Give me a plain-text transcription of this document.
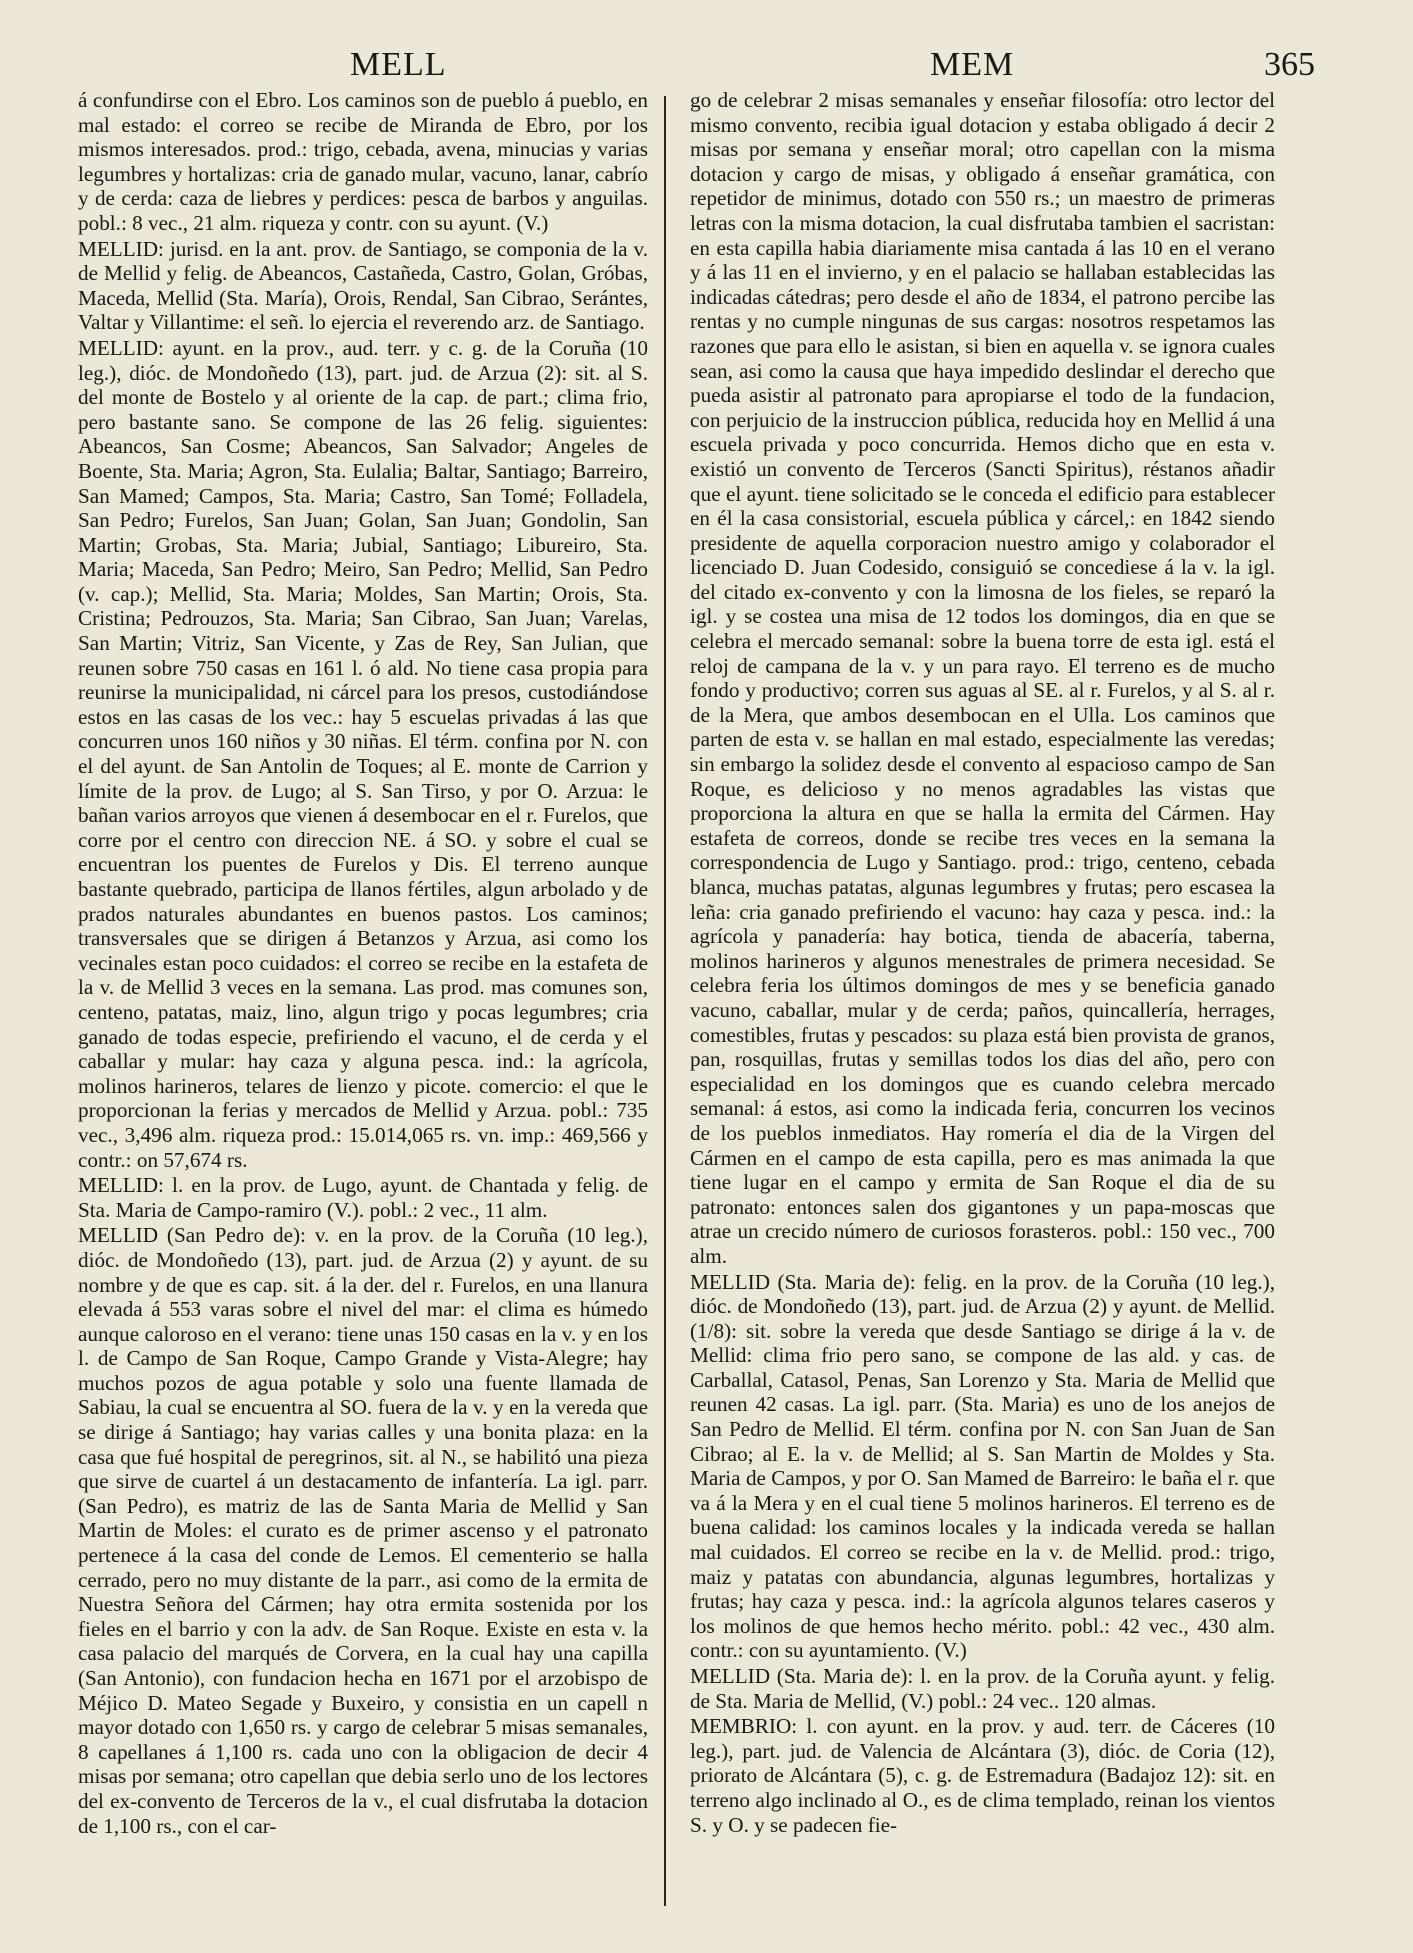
MELL	MEM	365

á confundirse con el Ebro. Los caminos son de pueblo á pueblo, en mal estado: el correo se recibe de Miranda de Ebro, por los mismos interesados. prod.: trigo, cebada, avena, minucias y varias legumbres y hortalizas: cria de ganado mular, vacuno, lanar, cabrío y de cerda: caza de liebres y perdices: pesca de barbos y anguilas. pobl.: 8 vec., 21 alm. riqueza y contr. con su ayunt. (V.)

MELLID: jurisd. en la ant. prov. de Santiago, se componia de la v. de Mellid y felig. de Abeancos, Castañeda, Castro, Golan, Gróbas, Maceda, Mellid (Sta. María), Orois, Rendal, San Cibrao, Serántes, Valtar y Villantime: el señ. lo ejercia el reverendo arz. de Santiago.

MELLID: ayunt. en la prov., aud. terr. y c. g. de la Coruña (10 leg.), dióc. de Mondoñedo (13), part. jud. de Arzua (2): sit. al S. del monte de Bostelo y al oriente de la cap. de part.; clima frio, pero bastante sano. Se compone de las 26 felig. siguientes: Abeancos, San Cosme; Abeancos, San Salvador; Angeles de Boente, Sta. Maria; Agron, Sta. Eulalia; Baltar, Santiago; Barreiro, San Mamed; Campos, Sta. Maria; Castro, San Tomé; Folladela, San Pedro; Furelos, San Juan; Golan, San Juan; Gondolin, San Martin; Grobas, Sta. Maria; Jubial, Santiago; Libureiro, Sta. Maria; Maceda, San Pedro; Meiro, San Pedro; Mellid, San Pedro (v. cap.); Mellid, Sta. Maria; Moldes, San Martin; Orois, Sta. Cristina; Pedrouzos, Sta. Maria; San Cibrao, San Juan; Varelas, San Martin; Vitriz, San Vicente, y Zas de Rey, San Julian, que reunen sobre 750 casas en 161 l. ó ald. No tiene casa propia para reunirse la municipalidad, ni cárcel para los presos, custodiándose estos en las casas de los vec.: hay 5 escuelas privadas á las que concurren unos 160 niños y 30 niñas. El térm. confina por N. con el del ayunt. de San Antolin de Toques; al E. monte de Carrion y límite de la prov. de Lugo; al S. San Tirso, y por O. Arzua: le bañan varios arroyos que vienen á desembocar en el r. Furelos, que corre por el centro con direccion NE. á SO. y sobre el cual se encuentran los puentes de Furelos y Dis. El terreno aunque bastante quebrado, participa de llanos fértiles, algun arbolado y de prados naturales abundantes en buenos pastos. Los caminos; transversales que se dirigen á Betanzos y Arzua, asi como los vecinales estan poco cuidados: el correo se recibe en la estafeta de la v. de Mellid 3 veces en la semana. Las prod. mas comunes son, centeno, patatas, maiz, lino, algun trigo y pocas legumbres; cria ganado de todas especie, prefiriendo el vacuno, el de cerda y el caballar y mular: hay caza y alguna pesca. ind.: la agrícola, molinos harineros, telares de lienzo y picote. comercio: el que le proporcionan la ferias y mercados de Mellid y Arzua. pobl.: 735 vec., 3,496 alm. riqueza prod.: 15.014,065 rs. vn. imp.: 469,566 y contr.: on 57,674 rs.

MELLID: l. en la prov. de Lugo, ayunt. de Chantada y felig. de Sta. Maria de Campo-ramiro (V.). pobl.: 2 vec., 11 alm.

MELLID (San Pedro de): v. en la prov. de la Coruña (10 leg.), dióc. de Mondoñedo (13), part. jud. de Arzua (2) y ayunt. de su nombre y de que es cap. sit. á la der. del r. Furelos, en una llanura elevada á 553 varas sobre el nivel del mar: el clima es húmedo aunque caloroso en el verano: tiene unas 150 casas en la v. y en los l. de Campo de San Roque, Campo Grande y Vista-Alegre; hay muchos pozos de agua potable y solo una fuente llamada de Sabiau, la cual se encuentra al SO. fuera de la v. y en la vereda que se dirige á Santiago; hay varias calles y una bonita plaza: en la casa que fué hospital de peregrinos, sit. al N., se habilitó una pieza que sirve de cuartel á un destacamento de infantería. La igl. parr. (San Pedro), es matriz de las de Santa Maria de Mellid y San Martin de Moles: el curato es de primer ascenso y el patronato pertenece á la casa del conde de Lemos. El cementerio se halla cerrado, pero no muy distante de la parr., asi como de la ermita de Nuestra Señora del Cármen; hay otra ermita sostenida por los fieles en el barrio y con la adv. de San Roque. Existe en esta v. la casa palacio del marqués de Corvera, en la cual hay una capilla (San Antonio), con fundacion hecha en 1671 por el arzobispo de Méjico D. Mateo Segade y Buxeiro, y consistia en un capell n mayor dotado con 1,650 rs. y cargo de celebrar 5 misas semanales, 8 capellanes á 1,100 rs. cada uno con la obligacion de decir 4 misas por semana; otro capellan que debia serlo uno de los lectores del ex-convento de Terceros de la v., el cual disfrutaba la dotacion de 1,100 rs., con el car-

go de celebrar 2 misas semanales y enseñar filosofía: otro lector del mismo convento, recibia igual dotacion y estaba obligado á decir 2 misas por semana y enseñar moral; otro capellan con la misma dotacion y cargo de misas, y obligado á enseñar gramática, con repetidor de minimus, dotado con 550 rs.; un maestro de primeras letras con la misma dotacion, la cual disfrutaba tambien el sacristan: en esta capilla habia diariamente misa cantada á las 10 en el verano y á las 11 en el invierno, y en el palacio se hallaban establecidas las indicadas cátedras; pero desde el año de 1834, el patrono percibe las rentas y no cumple ningunas de sus cargas: nosotros respetamos las razones que para ello le asistan, si bien en aquella v. se ignora cuales sean, asi como la causa que haya impedido deslindar el derecho que pueda asistir al patronato para apropiarse el todo de la fundacion, con perjuicio de la instruccion pública, reducida hoy en Mellid á una escuela privada y poco concurrida. Hemos dicho que en esta v. existió un convento de Terceros (Sancti Spiritus), réstanos añadir que el ayunt. tiene solicitado se le conceda el edificio para establecer en él la casa consistorial, escuela pública y cárcel,: en 1842 siendo presidente de aquella corporacion nuestro amigo y colaborador el licenciado D. Juan Codesido, consiguió se concediese á la v. la igl. del citado ex-convento y con la limosna de los fieles, se reparó la igl. y se costea una misa de 12 todos los domingos, dia en que se celebra el mercado semanal: sobre la buena torre de esta igl. está el reloj de campana de la v. y un para rayo. El terreno es de mucho fondo y productivo; corren sus aguas al SE. al r. Furelos, y al S. al r. de la Mera, que ambos desembocan en el Ulla. Los caminos que parten de esta v. se hallan en mal estado, especialmente las veredas; sin embargo la solidez desde el convento al espacioso campo de San Roque, es delicioso y no menos agradables las vistas que proporciona la altura en que se halla la ermita del Cármen. Hay estafeta de correos, donde se recibe tres veces en la semana la correspondencia de Lugo y Santiago. prod.: trigo, centeno, cebada blanca, muchas patatas, algunas legumbres y frutas; pero escasea la leña: cria ganado prefiriendo el vacuno: hay caza y pesca. ind.: la agrícola y panadería: hay botica, tienda de abacería, taberna, molinos harineros y algunos menestrales de primera necesidad. Se celebra feria los últimos domingos de mes y se beneficia ganado vacuno, caballar, mular y de cerda; paños, quincallería, herrages, comestibles, frutas y pescados: su plaza está bien provista de granos, pan, rosquillas, frutas y semillas todos los dias del año, pero con especialidad en los domingos que es cuando celebra mercado semanal: á estos, asi como la indicada feria, concurren los vecinos de los pueblos inmediatos. Hay romería el dia de la Virgen del Cármen en el campo de esta capilla, pero es mas animada la que tiene lugar en el campo y ermita de San Roque el dia de su patronato: entonces salen dos gigantones y un papa-moscas que atrae un crecido número de curiosos forasteros. pobl.: 150 vec., 700 alm.

MELLID (Sta. Maria de): felig. en la prov. de la Coruña (10 leg.), dióc. de Mondoñedo (13), part. jud. de Arzua (2) y ayunt. de Mellid. (1/8): sit. sobre la vereda que desde Santiago se dirige á la v. de Mellid: clima frio pero sano, se compone de las ald. y cas. de Carballal, Catasol, Penas, San Lorenzo y Sta. Maria de Mellid que reunen 42 casas. La igl. parr. (Sta. Maria) es uno de los anejos de San Pedro de Mellid. El térm. confina por N. con San Juan de San Cibrao; al E. la v. de Mellid; al S. San Martin de Moldes y Sta. Maria de Campos, y por O. San Mamed de Barreiro: le baña el r. que va á la Mera y en el cual tiene 5 molinos harineros. El terreno es de buena calidad: los caminos locales y la indicada vereda se hallan mal cuidados. El correo se recibe en la v. de Mellid. prod.: trigo, maiz y patatas con abundancia, algunas legumbres, hortalizas y frutas; hay caza y pesca. ind.: la agrícola algunos telares caseros y los molinos de que hemos hecho mérito. pobl.: 42 vec., 430 alm. contr.: con su ayuntamiento. (V.)

MELLID (Sta. Maria de): l. en la prov. de la Coruña ayunt. y felig. de Sta. Maria de Mellid, (V.) pobl.: 24 vec.. 120 almas.

MEMBRIO: l. con ayunt. en la prov. y aud. terr. de Cáceres (10 leg.), part. jud. de Valencia de Alcántara (3), dióc. de Coria (12), priorato de Alcántara (5), c. g. de Estremadura (Badajoz 12): sit. en terreno algo inclinado al O., es de clima templado, reinan los vientos S. y O. y se padecen fie-
